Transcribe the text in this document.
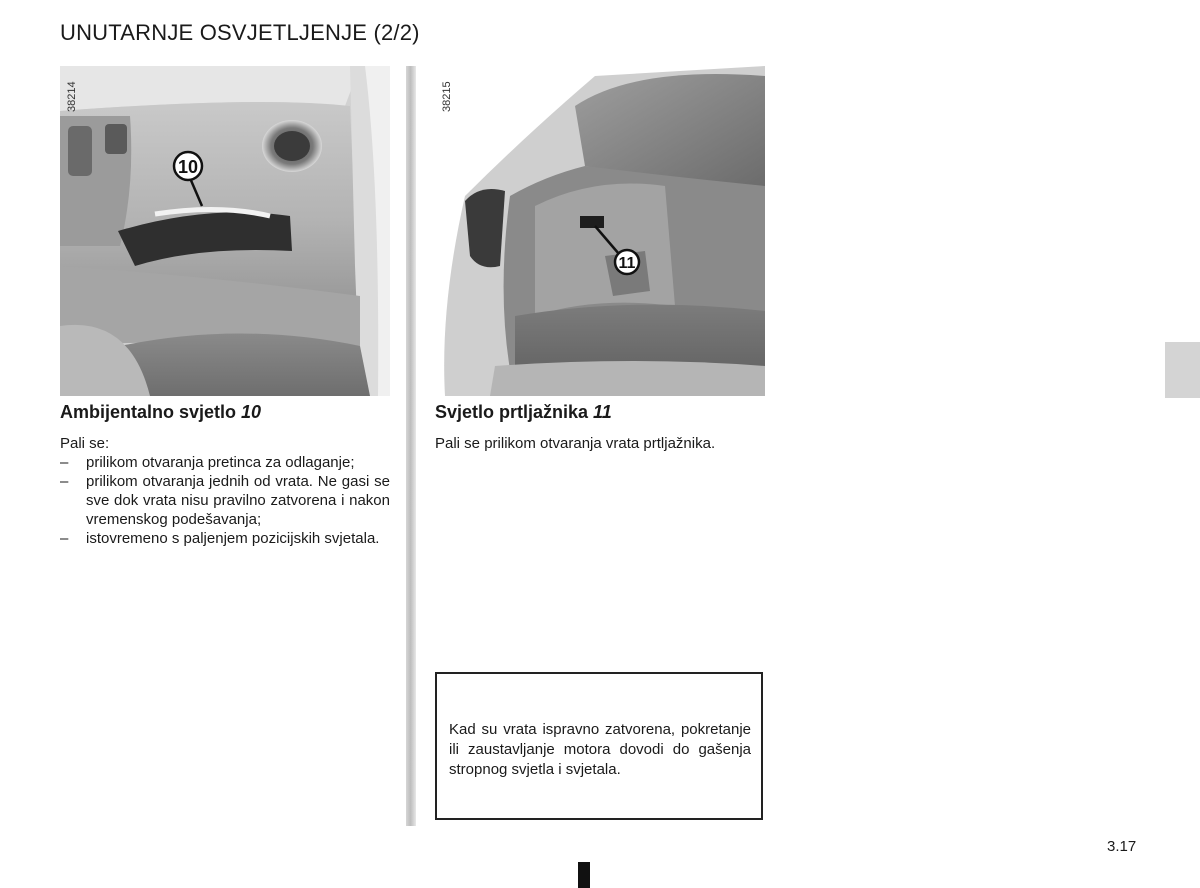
UNUTARNJE OSVJETLJENJE (2/2)
10
38214
11
38215
Ambijentalno svjetlo 10
Pali se:
– prilikom otvaranja pretinca za odlaganje;
– prilikom otvaranja jednih od vrata. Ne gasi se sve dok vrata nisu pravilno zatvorena i nakon vremenskog podešavanja;
– istovremeno s paljenjem pozicijskih svjetala.
Svjetlo prtljažnika 11
Pali se prilikom otvaranja vrata prtljažnika.
Kad su vrata ispravno zatvorena, pokretanje ili zaustavljanje motora dovodi do gašenja stropnog svjetla i svjetala.
3.17
